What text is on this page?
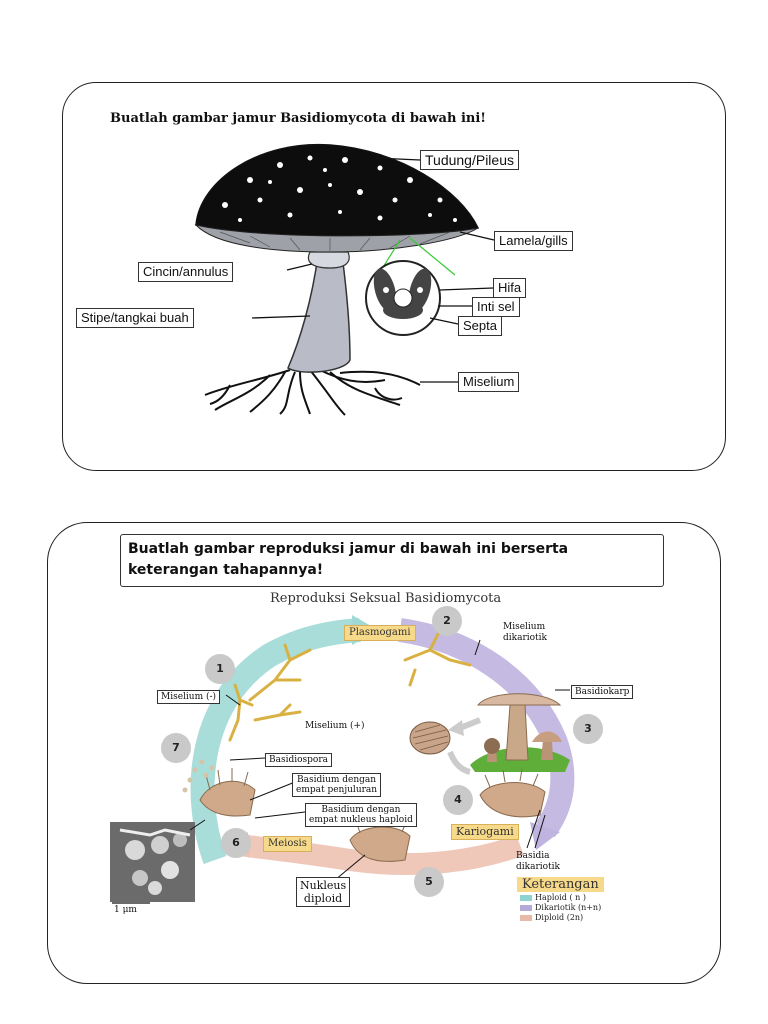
Buatlah gambar jamur Basidiomycota di bawah ini!
Tudung/Pileus
Lamela/gills
Cincin/annulus
Stipe/tangkai buah
Hifa
Inti sel
Septa
Miselium
Buatlah gambar reproduksi jamur di bawah ini berserta
keterangan tahapannya!
Reproduksi Seksual Basidiomycota
Plasmogami	Miselium
dikariotik
Basidiokarp
Miselium (-)
Miselium (+)
Basidiospora
Basidium dengan
empat penjuluran
Basidium dengan
empat nukleus haploid
Kariogami
Meiosis
Nukleus
diploid
Basidia
dikariotik
1 μm
1
2
3
4
5
6
7
Keterangan
Haploid ( n )
Dikariotik (n+n)
Diploid (2n)
